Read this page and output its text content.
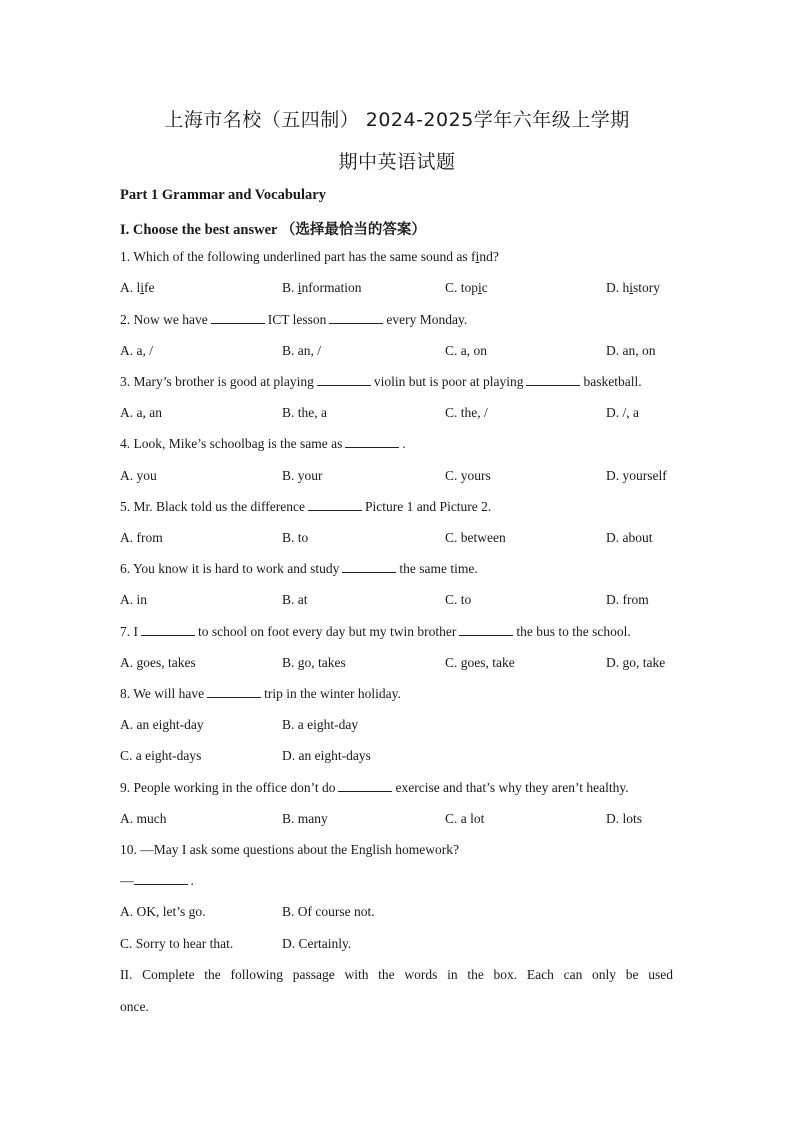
上海市名校（五四制） 2024-2025学年六年级上学期
期中英语试题
Part 1 Grammar and Vocabulary
I. Choose the best answer （选择最恰当的答案）
1. Which of the following underlined part has the same sound as find?
A. life	B. information	C. topic	D. history
2. Now we have	ICT lesson	every Monday.
A. a, /	B. an, /	C. a, on	D. an, on
3. Mary’s brother is good at playing	violin but is poor at playing	basketball.
A. a, an	B. the, a	C. the, /	D. /, a
4. Look, Mike’s schoolbag is the same as	.
A. you	B. your	C. yours	D. yourself
5. Mr. Black told us the difference	Picture 1 and Picture 2.
A. from	B. to	C. between	D. about
6. You know it is hard to work and study	the same time.
A. in	B. at	C. to	D. from
7. I	to school on foot every day but my twin brother	the bus to the school.
A. goes, takes	B. go, takes	C. goes, take	D. go, take
8. We will have	trip in the winter holiday.
A. an eight-day	B. a eight-day
C. a eight-days	D. an eight-days
9. People working in the office don’t do	exercise and that’s why they aren’t healthy.
A. much	B. many	C. a lot	D. lots
10. —May I ask some questions about the English homework?
—	.
A. OK, let’s go.	B. Of course not.
C. Sorry to hear that.	D. Certainly.
II. Complete the following passage with the words in the box. Each can only be used
once.
